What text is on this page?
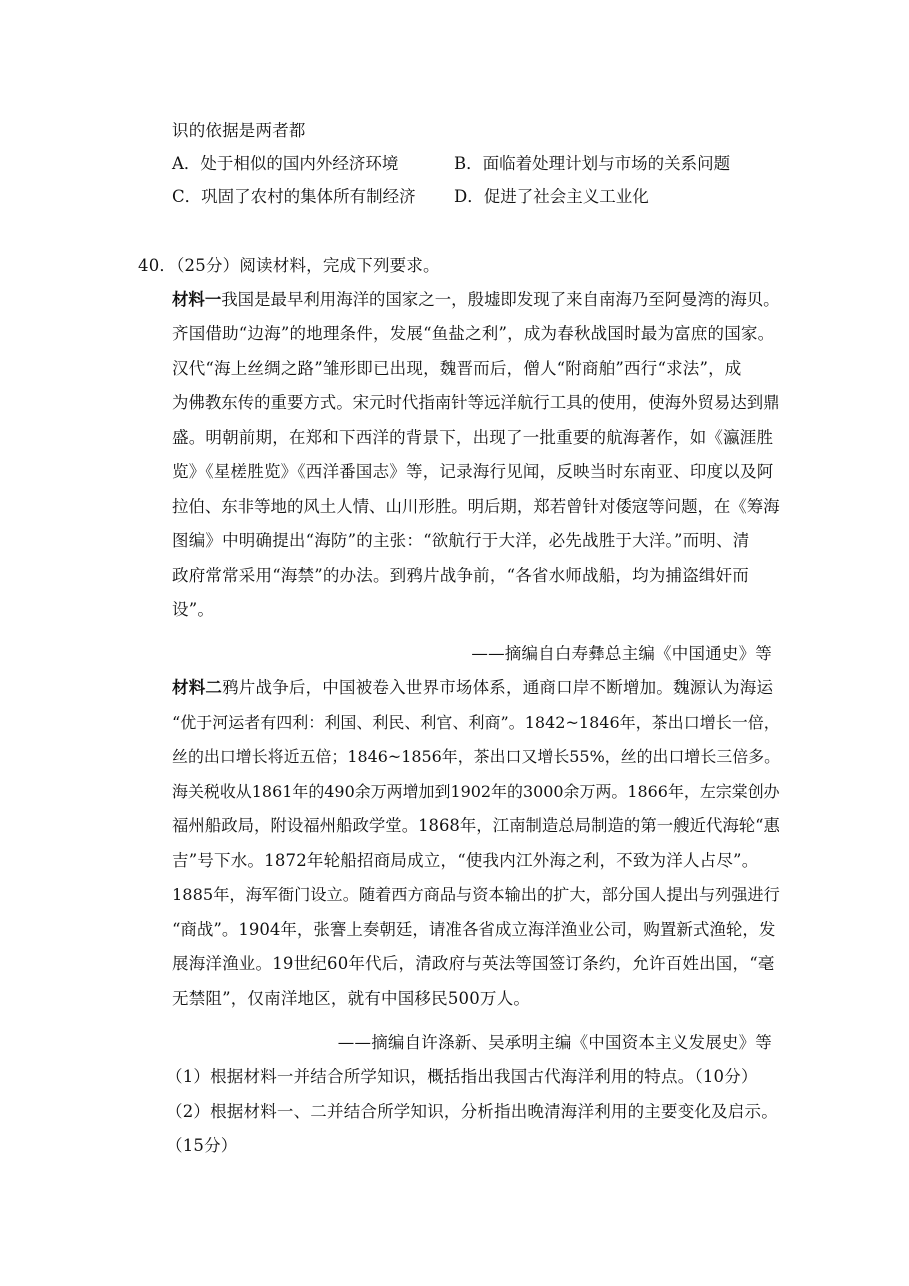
识的依据是两者都
A．处于相似的国内外经济环境	B．面临着处理计划与市场的关系问题
C．巩固了农村的集体所有制经济 D．促进了社会主义工业化
40．（25分）阅读材料，完成下列要求。
材料一我国是最早利用海洋的国家之一，殷墟即发现了来自南海乃至阿曼湾的海贝。
齐国借助“边海”的地理条件，发展“鱼盐之利”，成为春秋战国时最为富庶的国家。
汉代“海上丝绸之路”雏形即已出现，魏晋而后，僧人“附商舶”西行“求法”，成
为佛教东传的重要方式。宋元时代指南针等远洋航行工具的使用，使海外贸易达到鼎
盛。明朝前期，在郑和下西洋的背景下，出现了一批重要的航海著作，如《瀛涯胜
览》《星槎胜览》《西洋番国志》等，记录海行见闻，反映当时东南亚、印度以及阿
拉伯、东非等地的风土人情、山川形胜。明后期，郑若曾针对倭寇等问题，在《筹海
图编》中明确提出“海防”的主张：“欲航行于大洋，必先战胜于大洋。”而明、清
政府常常采用“海禁”的办法。到鸦片战争前，“各省水师战船，均为捕盗缉奸而
设”。
——摘编自白寿彝总主编《中国通史》等
材料二鸦片战争后，中国被卷入世界市场体系，通商口岸不断增加。魏源认为海运
“优于河运者有四利：利国、利民、利官、利商”。1842~1846年，茶出口增长一倍，
丝的出口增长将近五倍；1846~1856年，茶出口又增长55%，丝的出口增长三倍多。
海关税收从1861年的490余万两增加到1902年的3000余万两。1866年，左宗棠创办
福州船政局，附设福州船政学堂。1868年，江南制造总局制造的第一艘近代海轮“惠
吉”号下水。1872年轮船招商局成立，“使我内江外海之利，不致为洋人占尽”。
1885年，海军衙门设立。随着西方商品与资本输出的扩大，部分国人提出与列强进行
“商战”。1904年，张謇上奏朝廷，请准各省成立海洋渔业公司，购置新式渔轮，发
展海洋渔业。19世纪60年代后，清政府与英法等国签订条约，允许百姓出国，“毫
无禁阻”，仅南洋地区，就有中国移民500万人。
——摘编自许涤新、吴承明主编《中国资本主义发展史》等
（1）根据材料一并结合所学知识，概括指出我国古代海洋利用的特点。（10分）
（2）根据材料一、二并结合所学知识，分析指出晚清海洋利用的主要变化及启示。
（15分）
